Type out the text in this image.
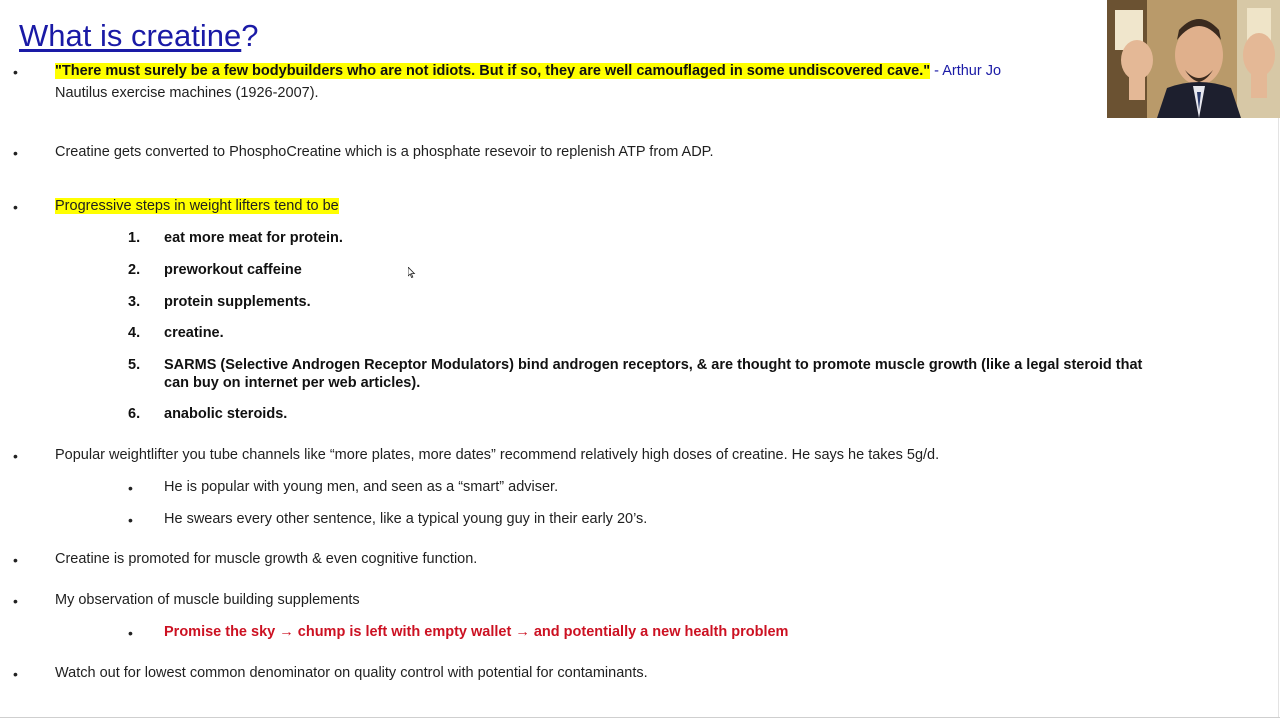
What is creatine?
•	"There must surely be a few bodybuilders who are not idiots. But if so, they are well camouflaged in some undiscovered cave." - Arthur Jo
Nautilus exercise machines (1926-2007).
•	Creatine gets converted to PhosphoCreatine which is a phosphate resevoir to replenish ATP from ADP.
•	Progressive steps in weight lifters tend to be
1. eat more meat for protein.
2. preworkout caffeine
3. protein supplements.
4. creatine.
5. SARMS (Selective Androgen Receptor Modulators) bind androgen receptors, & are thought to promote muscle growth (like a legal steroid that
can buy on internet per web articles).
6. anabolic steroids.
•	Popular weightlifter you tube channels like “more plates, more dates” recommend relatively high doses of creatine. He says he takes 5g/d.
• He is popular with young men, and seen as a “smart” adviser.
• He swears every other sentence, like a typical young guy in their early 20’s.
•	Creatine is promoted for muscle growth & even cognitive function.
•	My observation of muscle building supplements
• Promise the sky → chump is left with empty wallet → and potentially a new health problem
•	Watch out for lowest common denominator on quality control with potential for contaminants.
